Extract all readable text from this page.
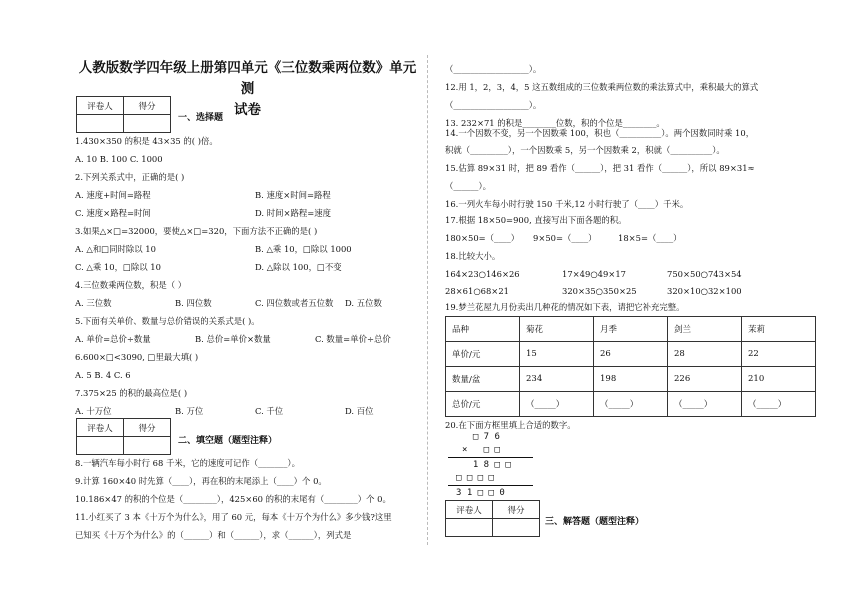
人教版数学四年级上册第四单元《三位数乘两位数》单元测
试卷
评卷人	得分

一、选择题
1.430×350 的积是 43×35 的( )倍。
A. 10 B. 100 C. 1000
2.下列关系式中，正确的是( )
A. 速度+时间=路程	B. 速度×时间=路程
C. 速度×路程=时间	D. 时间×路程=速度
3.如果△×□=32000，要使△×□=320，下面方法不正确的是( )
A. △和□同时除以 10	B. △乘 10，□除以 1000
C. △乘 10，□除以 10	D. △除以 100，□不变
4.三位数乘两位数，积是（ ）
A. 三位数	B. 四位数	C. 四位数或者五位数 D. 五位数
5.下面有关单价、数量与总价错误的关系式是( )。
A. 单价=总价÷数量	B. 总价=单价×数量	C. 数量=单价÷总价
6.600×□<3090, □里最大填( )
A. 5 B. 4 C. 6
7.375×25 的积的最高位是( )
A. 十万位	B. 万位	C. 千位	D. 百位
评卷人	得分

二、填空题（题型注释）
8.一辆汽车每小时行 68 千米，它的速度可记作（_______）。
9.计算 160×40 时先算（____），再在积的末尾添上（____）个 0。
10.186×47 的积的个位是（________），425×60 的积的末尾有（________）个 0。
11.小红买了 3 本《十万个为什么》，用了 60 元，每本《十万个为什么》多少钱?这里
已知买《十万个为什么》的（______）和（______），求（______），列式是
（__________________）。
12.用 1，2，3，4，5 这五数组成的三位数乘两位数的乘法算式中，乘积最大的算式
（__________________）。
13. 232×71 的积是________位数，积的个位是________。
14.一个因数不变，另一个因数乘 100，积也（__________）。两个因数同时乘 10，
积就（_________），一个因数乘 5，另一个因数乘 2，积就（__________）。
15.估算 89×31 时，把 89 看作（______），把 31 看作（______），所以 89×31≈
（______）。
16.一列火车每小时行驶 150 千米,12 小时行驶了（____）千米。
17.根据 18×50=900, 直接写出下面各题的积。
180×50=（____） 9×50=（____）	18×5=（____）
18.比较大小。
164×23○146×26	17×49○49×17	750×50○743×54
28×61○68×21	320×35○350×25	320×10○32×100
19.梦兰花屋九月份卖出几种花的情况如下表，请把它补充完整。
品种	菊花	月季	剑兰	茉莉
单价/元	15	26	28	22
数量/盆	234	198	226	210
总价/元	（_____）	（_____）	（_____）	（_____）
20.在下面方框里填上合适的数字。
□ 7 6
×   □ □
1 8 □ □
□ □ □ □
3 1 □ □ 0
评卷人	得分

三、解答题（题型注释）
